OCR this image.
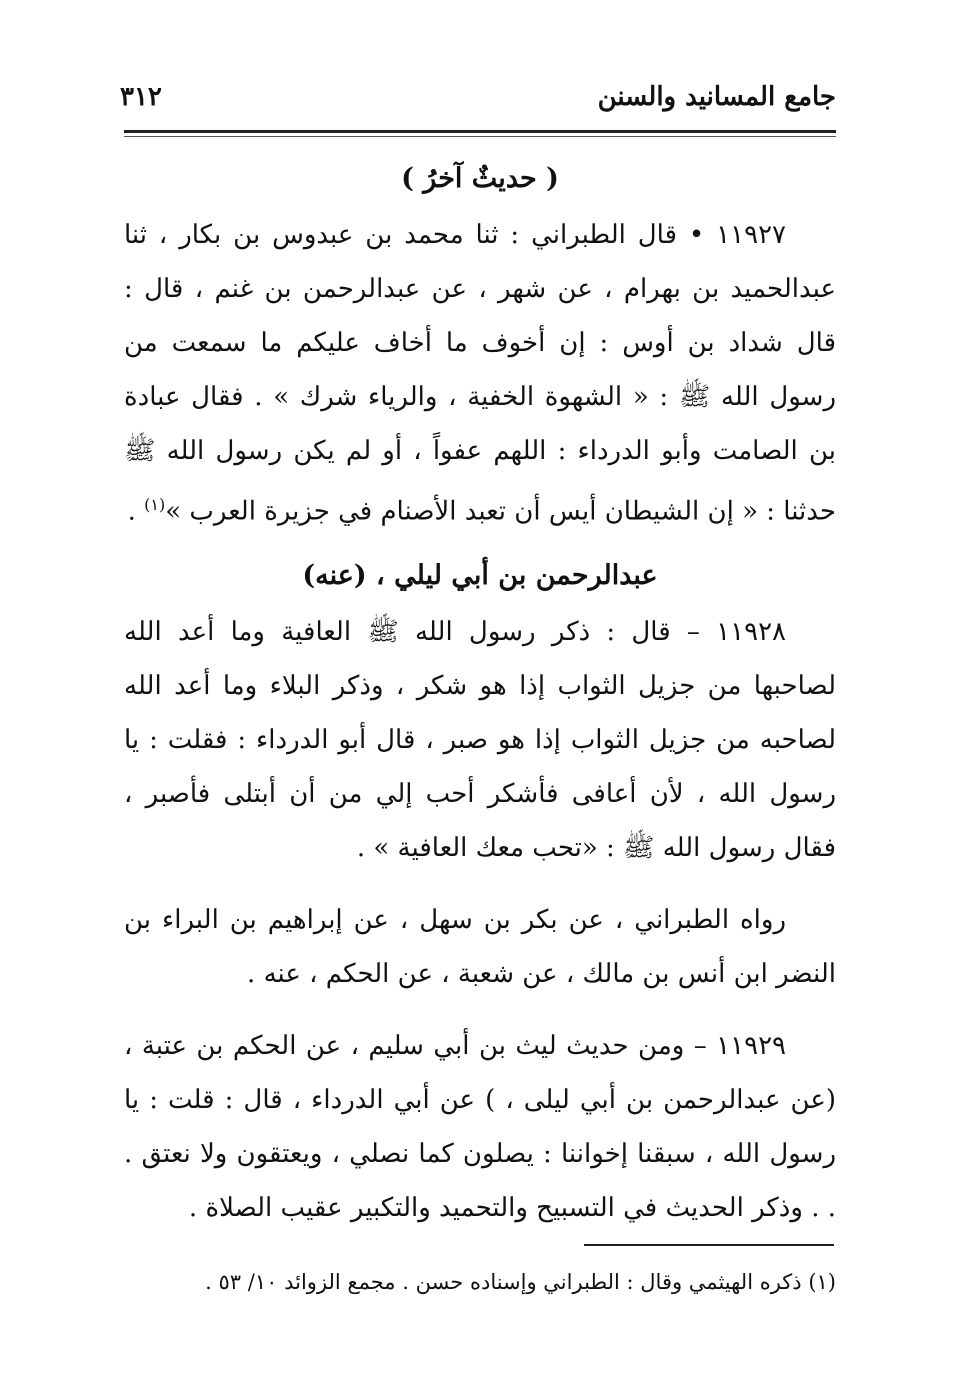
جامع المسانيد والسنن
٣١٢

( حديثٌ آخرُ )

١١٩٢٧ • قال الطبراني : ثنا محمد بن عبدوس بن بكار ، ثنا عبدالحميد بن بهرام ، عن شهر ، عن عبدالرحمن بن غنم ، قال : قال شداد بن أوس : إن أخوف ما أخاف عليكم ما سمعت من رسول الله ﷺ : « الشهوة الخفية ، والرياء شرك » . فقال عبادة بن الصامت وأبو الدرداء : اللهم عفواً ، أو لم يكن رسول الله ﷺ حدثنا : « إن الشيطان أيس أن تعبد الأصنام في جزيرة العرب »$^{(١)}$ .

عبدالرحمن بن أبي ليلي ، (عنه)

١١٩٢٨ – قال : ذكر رسول الله ﷺ العافية وما أعد الله لصاحبها من جزيل الثواب إذا هو شكر ، وذكر البلاء وما أعد الله لصاحبه من جزيل الثواب إذا هو صبر ، قال أبو الدرداء : فقلت : يا رسول الله ، لأن أعافى فأشكر أحب إلي من أن أبتلى فأصبر ، فقال رسول الله ﷺ : «تحب معك العافية » .

رواه الطبراني ، عن بكر بن سهل ، عن إبراهيم بن البراء بن النضر ابن أنس بن مالك ، عن شعبة ، عن الحكم ، عنه .

١١٩٢٩ – ومن حديث ليث بن أبي سليم ، عن الحكم بن عتبة ، (عن عبدالرحمن بن أبي ليلى ، ) عن أبي الدرداء ، قال : قلت : يا رسول الله ، سبقنا إخواننا : يصلون كما نصلي ، ويعتقون ولا نعتق . . . وذكر الحديث في التسبيح والتحميد والتكبير عقيب الصلاة .

(١) ذكره الهيثمي وقال : الطبراني وإسناده حسن . مجمع الزوائد ١٠/ ٥٣ .
